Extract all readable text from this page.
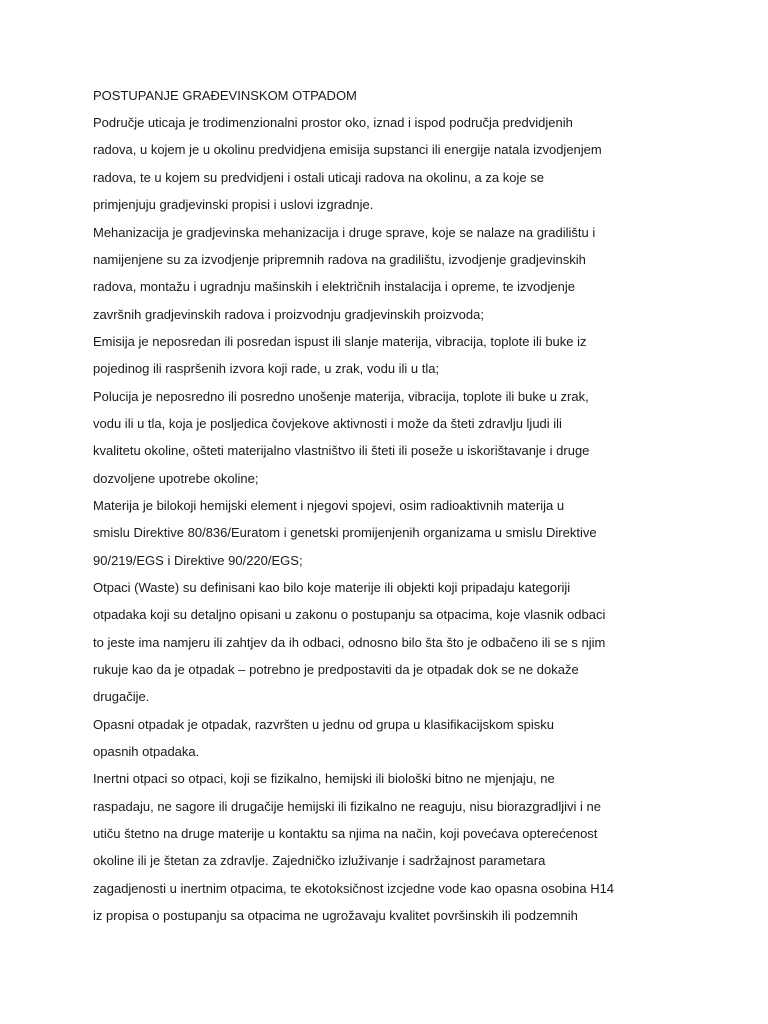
POSTUPANJE GRAĐEVINSKOM OTPADOM
Područje uticaja je trodimenzionalni prostor oko, iznad i ispod područja predvidjenih
radova, u kojem je u okolinu predvidjena emisija supstanci ili energije natala izvodjenjem
radova, te u kojem su predvidjeni i ostali uticaji radova na okolinu, a za koje se
primjenjuju gradjevinski propisi i uslovi izgradnje.
Mehanizacija je gradjevinska mehanizacija i druge sprave, koje se nalaze na gradilištu i
namijenjene su za izvodjenje pripremnih radova na gradilištu, izvodjenje gradjevinskih
radova, montažu i ugradnju mašinskih i električnih instalacija i opreme, te izvodjenje
završnih gradjevinskih radova i proizvodnju gradjevinskih proizvoda;
Emisija je neposredan ili posredan ispust ili slanje materija, vibracija, toplote ili buke iz
pojedinog ili raspršenih izvora koji rade, u zrak, vodu ili u tla;
Polucija je neposredno ili posredno unošenje materija, vibracija, toplote ili buke u zrak,
vodu ili u tla, koja je posljedica čovjekove aktivnosti i može da šteti zdravlju ljudi ili
kvalitetu okoline, ošteti materijalno vlastništvo ili šteti ili poseže u iskorištavanje i druge
dozvoljene upotrebe okoline;
Materija je bilokoji hemijski element i njegovi spojevi, osim radioaktivnih materija u
smislu Direktive 80/836/Euratom i genetski promijenjenih organizama u smislu Direktive
90/219/EGS i Direktive 90/220/EGS;
Otpaci (Waste) su definisani kao bilo koje materije ili objekti koji pripadaju kategoriji
otpadaka koji su detaljno opisani u zakonu o postupanju sa otpacima, koje vlasnik odbaci
to jeste ima namjeru ili zahtjev da ih odbaci, odnosno bilo šta što je odbačeno ili se s njim
rukuje kao da je otpadak – potrebno je predpostaviti da je otpadak dok se ne dokaže
drugačije.
Opasni otpadak je otpadak, razvršten u jednu od grupa u klasifikacijskom spisku
opasnih otpadaka.
Inertni otpaci so otpaci, koji se fizikalno, hemijski ili biološki bitno ne mjenjaju, ne
raspadaju, ne sagore ili drugačije hemijski ili fizikalno ne reaguju, nisu biorazgradljivi i ne
utiču štetno na druge materije u kontaktu sa njima na način, koji povećava opterećenost
okoline ili je štetan za zdravlje. Zajedničko izluživanje i sadržajnost parametara
zagadjenosti u inertnim otpacima, te ekotoksičnost izcjedne vode kao opasna osobina H14
iz propisa o postupanju sa otpacima ne ugrožavaju kvalitet površinskih ili podzemnih
